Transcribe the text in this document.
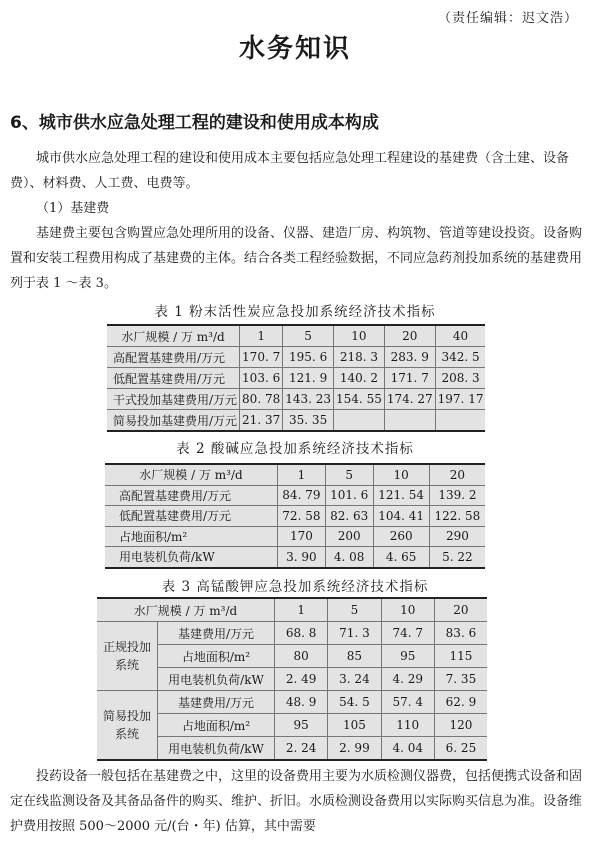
（责任编辑：迟文浩）
水务知识
6、城市供水应急处理工程的建设和使用成本构成

城市供水应急处理工程的建设和使用成本主要包括应急处理工程建设的基建费（含土建、设备费）、材料费、人工费、电费等。

（1）基建费

基建费主要包含购置应急处理所用的设备、仪器、建造厂房、构筑物、管道等建设投资。设备购置和安装工程费用构成了基建费的主体。结合各类工程经验数据，不同应急药剂投加系统的基建费用列于表 1 ～表 3。

表 1 粉末活性炭应急投加系统经济技术指标
水厂规模 / 万 m³/d	1	5	10	20	40
高配置基建费用/万元	170. 7	195. 6	218. 3	283. 9	342. 5
低配置基建费用/万元	103. 6	121. 9	140. 2	171. 7	208. 3
干式投加基建费用/万元	80. 78	143. 23	154. 55	174. 27	197. 17
简易投加基建费用/万元	21. 37	35. 35			
表 2 酸碱应急投加系统经济技术指标
水厂规模 / 万 m³/d	1	5	10	20
高配置基建费用/万元	84. 79	101. 6	121. 54	139. 2
低配置基建费用/万元	72. 58	82. 63	104. 41	122. 58
占地面积/m²	170	200	260	290
用电装机负荷/kW	3. 90	4. 08	4. 65	5. 22
表 3 高锰酸钾应急投加系统经济技术指标
水厂规模 / 万 m³/d		1	5	10	20
正规投加系统	基建费用/万元	68. 8	71. 3	74. 7	83. 6
	占地面积/m²	80	85	95	115
	用电装机负荷/kW	2. 49	3. 24	4. 29	7. 35
简易投加系统	基建费用/万元	48. 9	54. 5	57. 4	62. 9
	占地面积/m²	95	105	110	120
	用电装机负荷/kW	2. 24	2. 99	4. 04	6. 25

投药设备一般包括在基建费之中，这里的设备费用主要为水质检测仪器费，包括便携式设备和固定在线监测设备及其备品备件的购买、维护、折旧。水质检测设备费用以实际购买信息为准。设备维护费用按照 500～2000 元/(台・年) 估算，其中需要
